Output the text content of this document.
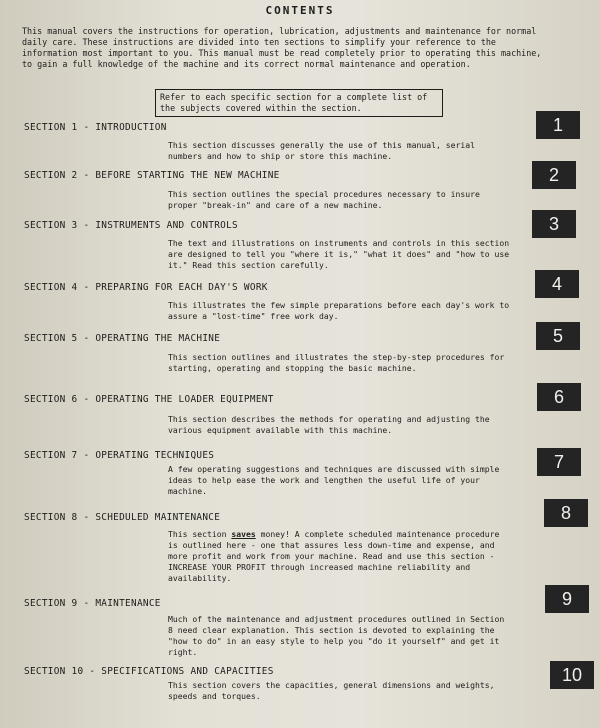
CONTENTS
This manual covers the instructions for operation, lubrication, adjustments and maintenance for normal daily care. These instructions are divided into ten sections to simplify your reference to the information most important to you. This manual must be read completely prior to operating this machine, to gain a full knowledge of the machine and its correct normal maintenance and operation.
Refer to each specific section for a complete list of the subjects covered within the section.
SECTION 1 - INTRODUCTION
This section discusses generally the use of this manual, serial numbers and how to ship or store this machine.
1
SECTION 2 - BEFORE STARTING THE NEW MACHINE
This section outlines the special procedures necessary to insure proper "break-in" and care of a new machine.
2
SECTION 3 - INSTRUMENTS AND CONTROLS
The text and illustrations on instruments and controls in this section are designed to tell you "where it is," "what it does" and "how to use it." Read this section carefully.
3
SECTION 4 - PREPARING FOR EACH DAY'S WORK
This illustrates the few simple preparations before each day's work to assure a "lost-time" free work day.
4
SECTION 5 - OPERATING THE MACHINE
This section outlines and illustrates the step-by-step procedures for starting, operating and stopping the basic machine.
5
SECTION 6 - OPERATING THE LOADER EQUIPMENT
This section describes the methods for operating and adjusting the various equipment available with this machine.
6
SECTION 7 - OPERATING TECHNIQUES
A few operating suggestions and techniques are discussed with simple ideas to help ease the work and lengthen the useful life of your machine.
7
SECTION 8 - SCHEDULED MAINTENANCE
This section saves money! A complete scheduled maintenance procedure is outlined here - one that assures less down-time and expense, and more profit and work from your machine. Read and use this section - INCREASE YOUR PROFIT through increased machine reliability and availability.
8
SECTION 9 - MAINTENANCE
Much of the maintenance and adjustment procedures outlined in Section 8 need clear explanation. This section is devoted to explaining the "how to do" in an easy style to help you "do it yourself" and get it right.
9
SECTION 10 - SPECIFICATIONS AND CAPACITIES
This section covers the capacities, general dimensions and weights, speeds and torques.
10
